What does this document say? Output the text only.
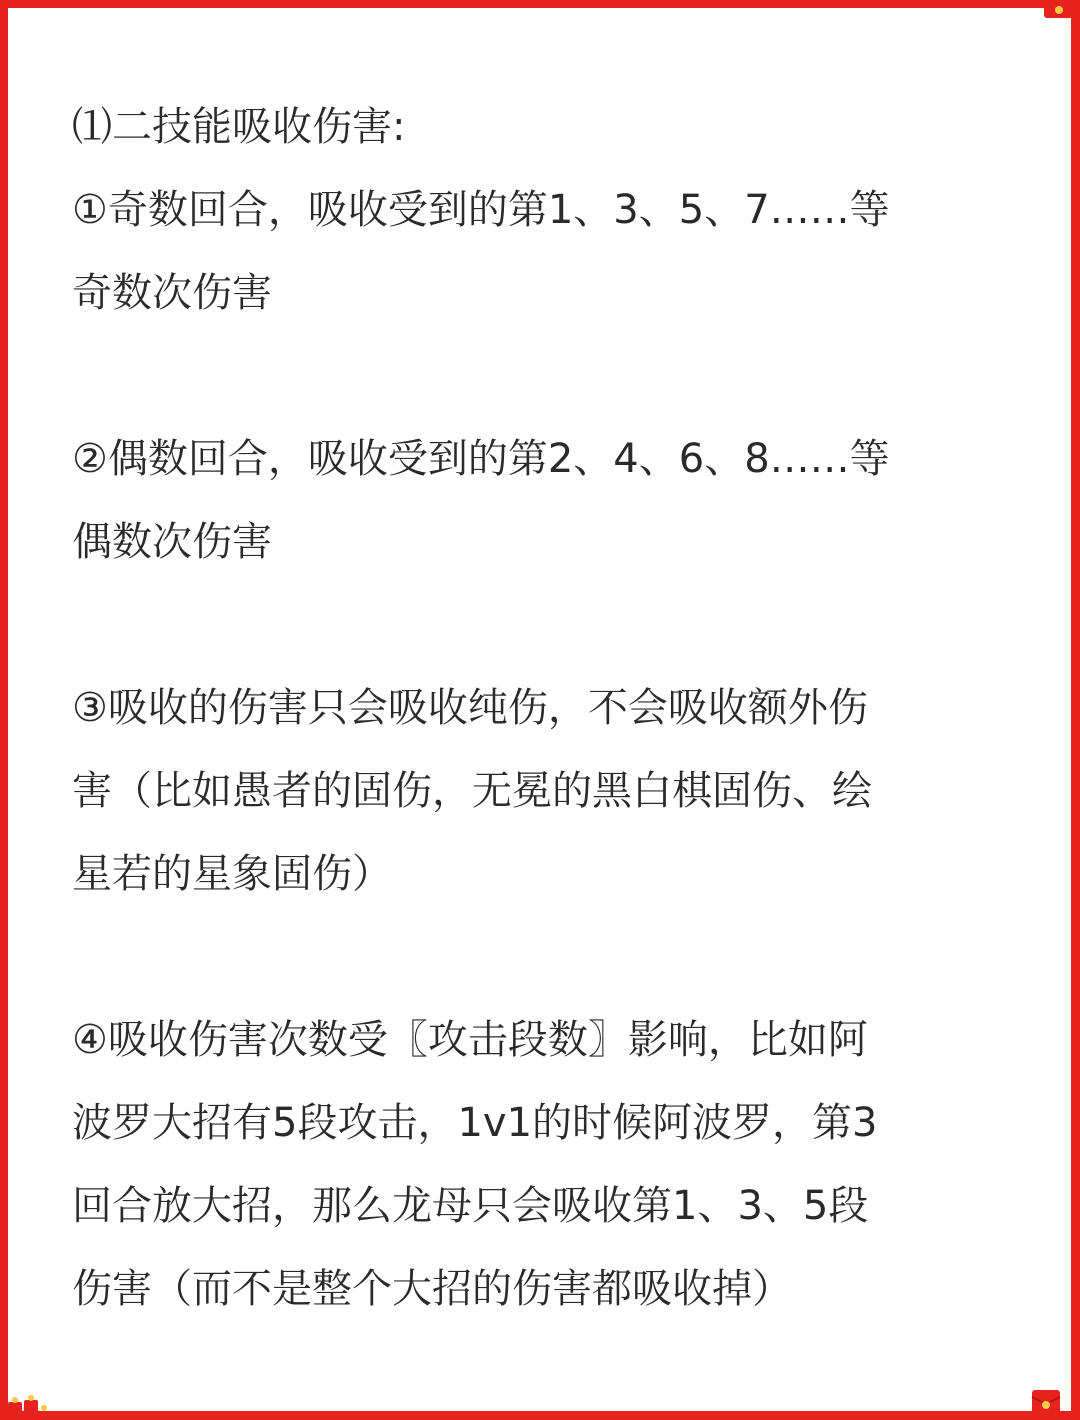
⑴二技能吸收伤害:

①奇数回合，吸收受到的第1、3、5、7……等
奇数次伤害

②偶数回合，吸收受到的第2、4、6、8……等
偶数次伤害

③吸收的伤害只会吸收纯伤，不会吸收额外伤
害（比如愚者的固伤，无冕的黑白棋固伤、绘
星若的星象固伤）

④吸收伤害次数受〖攻击段数〗影响，比如阿
波罗大招有5段攻击，1v1的时候阿波罗，第3
回合放大招，那么龙母只会吸收第1、3、5段
伤害（而不是整个大招的伤害都吸收掉）
